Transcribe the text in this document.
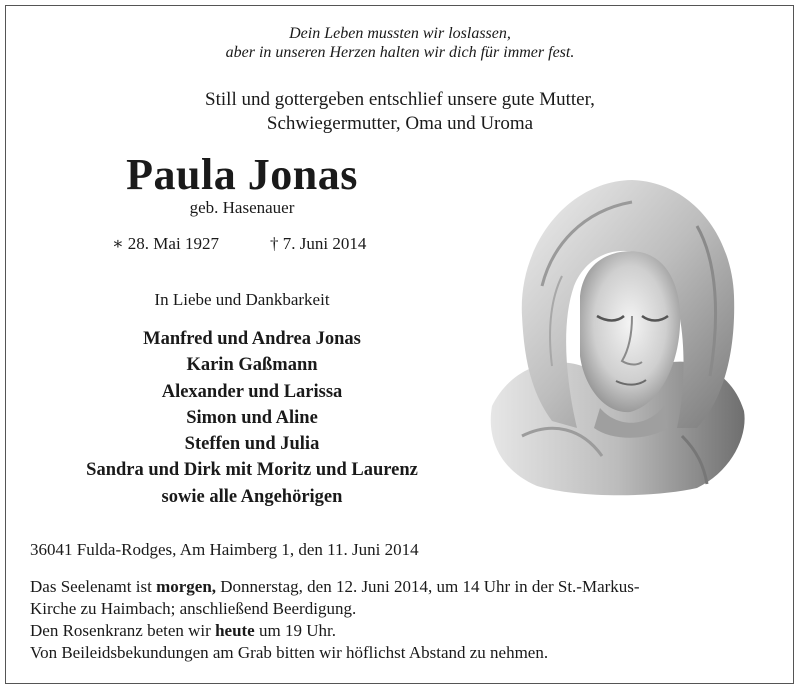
Dein Leben mussten wir loslassen,
aber in unseren Herzen halten wir dich für immer fest.
Still und gottergeben entschlief unsere gute Mutter,
Schwiegermutter, Oma und Uroma
Paula Jonas
geb. Hasenauer
∗ 28. Mai 1927	† 7. Juni 2014
In Liebe und Dankbarkeit
Manfred und Andrea Jonas
Karin Gaßmann
Alexander und Larissa
Simon und Aline
Steffen und Julia
Sandra und Dirk mit Moritz und Laurenz
sowie alle Angehörigen
36041 Fulda-Rodges, Am Haimberg 1, den 11. Juni 2014

Das Seelenamt ist morgen, Donnerstag, den 12. Juni 2014, um 14 Uhr in der St.-Markus-

Kirche zu Haimbach; anschließend Beerdigung.

Den Rosenkranz beten wir heute um 19 Uhr.

Von Beileidsbekundungen am Grab bitten wir höflichst Abstand zu nehmen.
